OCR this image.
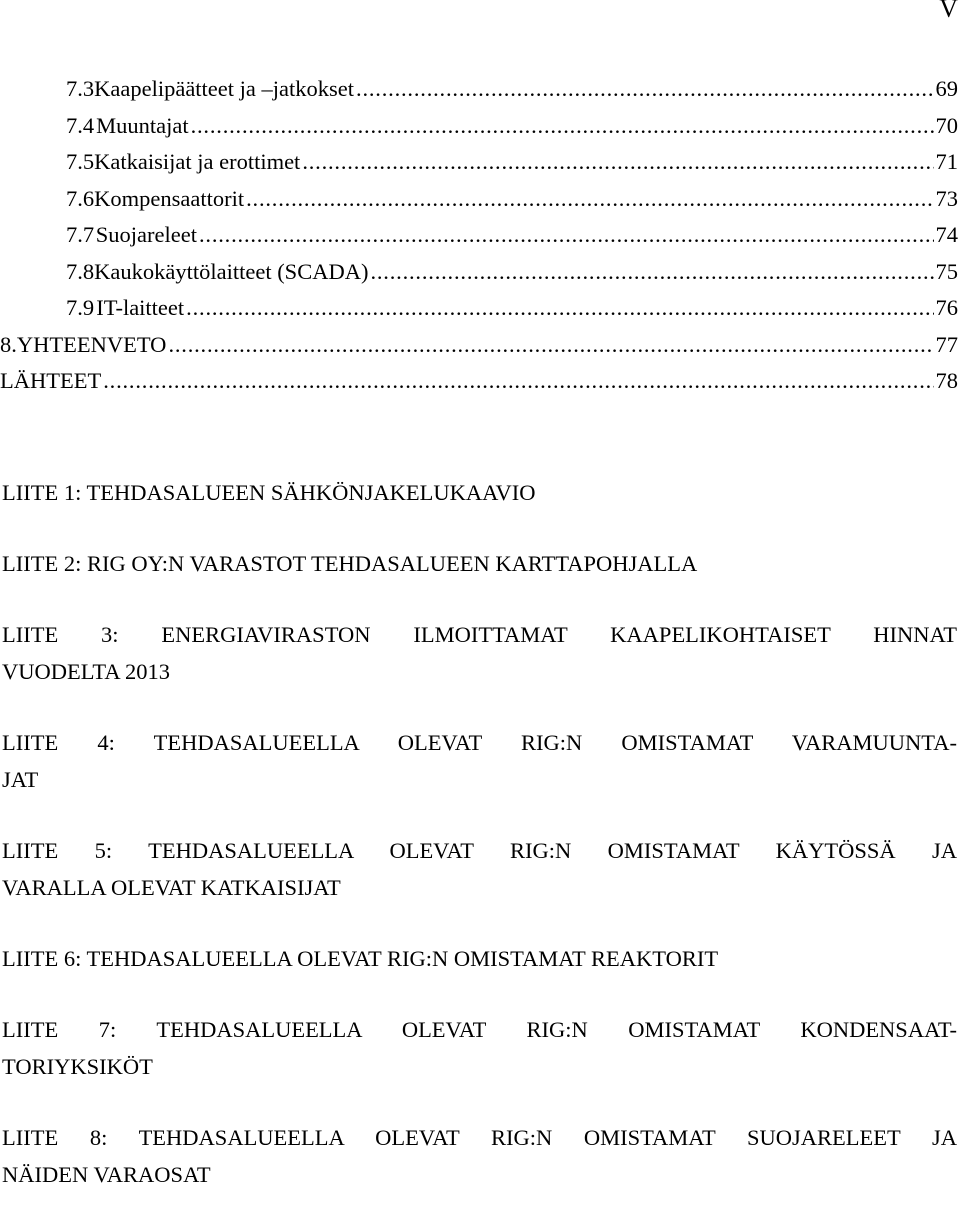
V
7.3 Kaapelipäätteet ja –jatkokset .....	69
7.4 Muuntajat .....	70
7.5 Katkaisijat ja erottimet .....	71
7.6 Kompensaattorit .....	73
7.7 Suojareleet .....	74
7.8 Kaukokäyttölaitteet (SCADA) .....	75
7.9 IT-laitteet .....	76
8. YHTEENVETO .....	77
LÄHTEET .....	78
LIITE 1: TEHDASALUEEN SÄHKÖNJAKELUKAAVIO
LIITE 2: RIG OY:N VARASTOT TEHDASALUEEN KARTTAPOHJALLA
LIITE 3: ENERGIAVIRASTON ILMOITTAMAT KAAPELIKOHTAISET HINNAT
VUODELTA 2013
LIITE 4: TEHDASALUEELLA OLEVAT RIG:N OMISTAMAT VARAMUUNTA-
JAT
LIITE 5: TEHDASALUEELLA OLEVAT RIG:N OMISTAMAT KÄYTÖSSÄ JA
VARALLA OLEVAT KATKAISIJAT
LIITE 6: TEHDASALUEELLA OLEVAT RIG:N OMISTAMAT REAKTORIT
LIITE 7: TEHDASALUEELLA OLEVAT RIG:N OMISTAMAT KONDENSAAT-
TORIYKSIKÖT
LIITE 8: TEHDASALUEELLA OLEVAT RIG:N OMISTAMAT SUOJARELEET JA
NÄIDEN VARAOSAT
